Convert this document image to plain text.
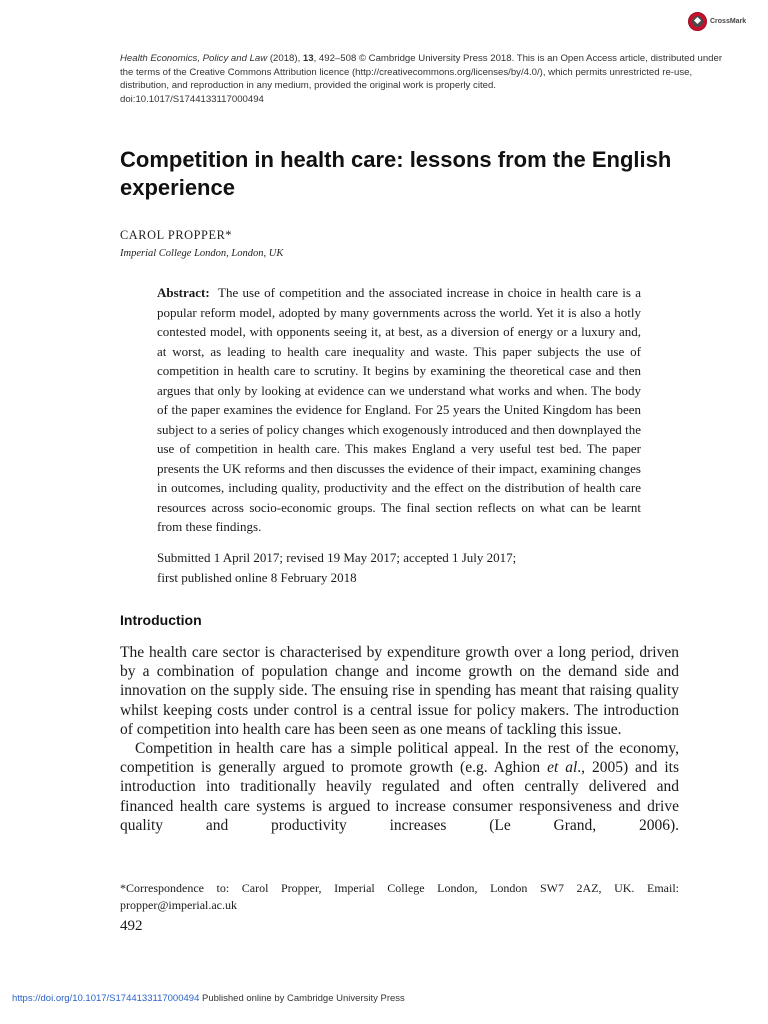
CrossMark
Health Economics, Policy and Law (2018), 13, 492–508 © Cambridge University Press 2018. This is an Open Access article, distributed under
the terms of the Creative Commons Attribution licence (http://creativecommons.org/licenses/by/4.0/), which permits unrestricted re-use,
distribution, and reproduction in any medium, provided the original work is properly cited.
doi:10.1017/S1744133117000494
Competition in health care: lessons from the English experience
CAROL PROPPER*
Imperial College London, London, UK

Abstract: The use of competition and the associated increase in choice in health care is a popular reform model, adopted by many governments across the world. Yet it is also a hotly contested model, with opponents seeing it, at best, as a diversion of energy or a luxury and, at worst, as leading to health care inequality and waste. This paper subjects the use of competition in health care to scrutiny. It begins by examining the theoretical case and then argues that only by looking at evidence can we understand what works and when. The body of the paper examines the evidence for England. For 25 years the United Kingdom has been subject to a series of policy changes which exogenously introduced and then downplayed the use of competition in health care. This makes England a very useful test bed. The paper presents the UK reforms and then discusses the evidence of their impact, examining changes in outcomes, including quality, productivity and the effect on the distribution of health care resources across socio-economic groups. The final section reflects on what can be learnt from these findings.

Submitted 1 April 2017; revised 19 May 2017; accepted 1 July 2017;
first published online 8 February 2018
Introduction

The health care sector is characterised by expenditure growth over a long period, driven by a combination of population change and income growth on the demand side and innovation on the supply side. The ensuing rise in spending has meant that raising quality whilst keeping costs under control is a central issue for policy makers. The introduction of competition into health care has been seen as one means of tackling this issue.

Competition in health care has a simple political appeal. In the rest of the economy, competition is generally argued to promote growth (e.g. Aghion et al., 2005) and its introduction into traditionally heavily regulated and often centrally delivered and financed health care systems is argued to increase consumer responsiveness and drive quality and productivity increases (Le Grand, 2006).

*Correspondence to: Carol Propper, Imperial College London, London SW7 2AZ, UK. Email: propper@imperial.ac.uk
492
https://doi.org/10.1017/S1744133117000494 Published online by Cambridge University Press
